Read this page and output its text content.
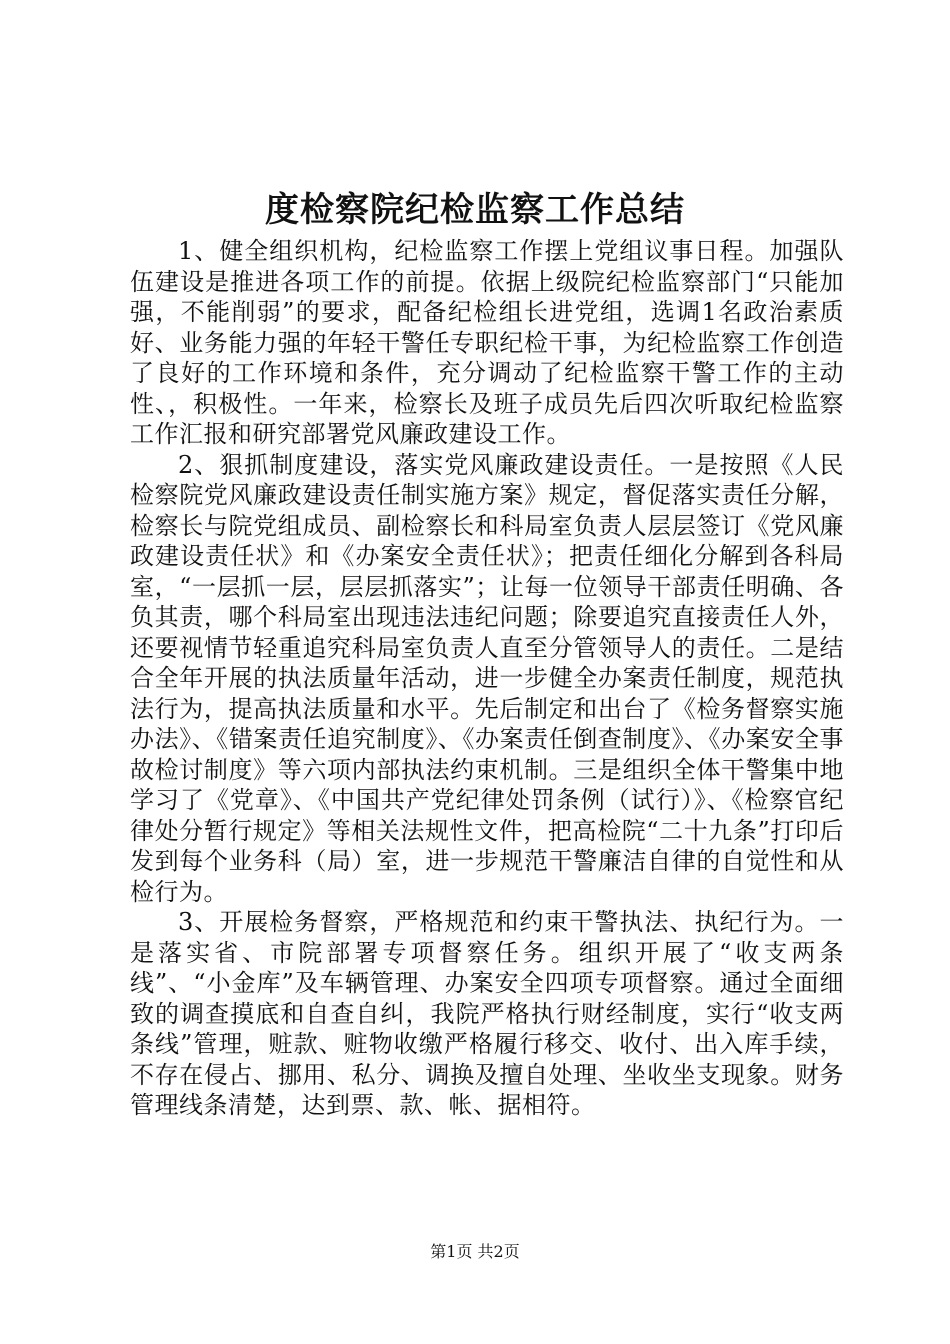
度检察院纪检监察工作总结

1、健全组织机构，纪检监察工作摆上党组议事日程。加强队伍建设是推进各项工作的前提。依据上级院纪检监察部门“只能加强，不能削弱”的要求，配备纪检组长进党组，选调1名政治素质好、业务能力强的年轻干警任专职纪检干事，为纪检监察工作创造了良好的工作环境和条件，充分调动了纪检监察干警工作的主动性、，积极性。一年来，检察长及班子成员先后四次听取纪检监察工作汇报和研究部署党风廉政建设工作。

2、狠抓制度建设，落实党风廉政建设责任。一是按照《人民检察院党风廉政建设责任制实施方案》规定，督促落实责任分解，检察长与院党组成员、副检察长和科局室负责人层层签订《党风廉政建设责任状》和《办案安全责任状》；把责任细化分解到各科局室，“一层抓一层，层层抓落实”；让每一位领导干部责任明确、各负其责，哪个科局室出现违法违纪问题；除要追究直接责任人外，还要视情节轻重追究科局室负责人直至分管领导人的责任。二是结合全年开展的执法质量年活动，进一步健全办案责任制度，规范执法行为，提高执法质量和水平。先后制定和出台了《检务督察实施办法》、《错案责任追究制度》、《办案责任倒查制度》、《办案安全事故检讨制度》等六项内部执法约束机制。三是组织全体干警集中地学习了《党章》、《中国共产党纪律处罚条例（试行）》、《检察官纪律处分暂行规定》等相关法规性文件，把高检院“二十九条”打印后发到每个业务科（局）室，进一步规范干警廉洁自律的自觉性和从检行为。

3、开展检务督察，严格规范和约束干警执法、执纪行为。一是落实省、市院部署专项督察任务。组织开展了“收支两条线”、“小金库”及车辆管理、办案安全四项专项督察。通过全面细致的调查摸底和自查自纠，我院严格执行财经制度，实行“收支两条线”管理，赃款、赃物收缴严格履行移交、收付、出入库手续，不存在侵占、挪用、私分、调换及擅自处理、坐收坐支现象。财务管理线条清楚，达到票、款、帐、据相符。

第1页 共2页
